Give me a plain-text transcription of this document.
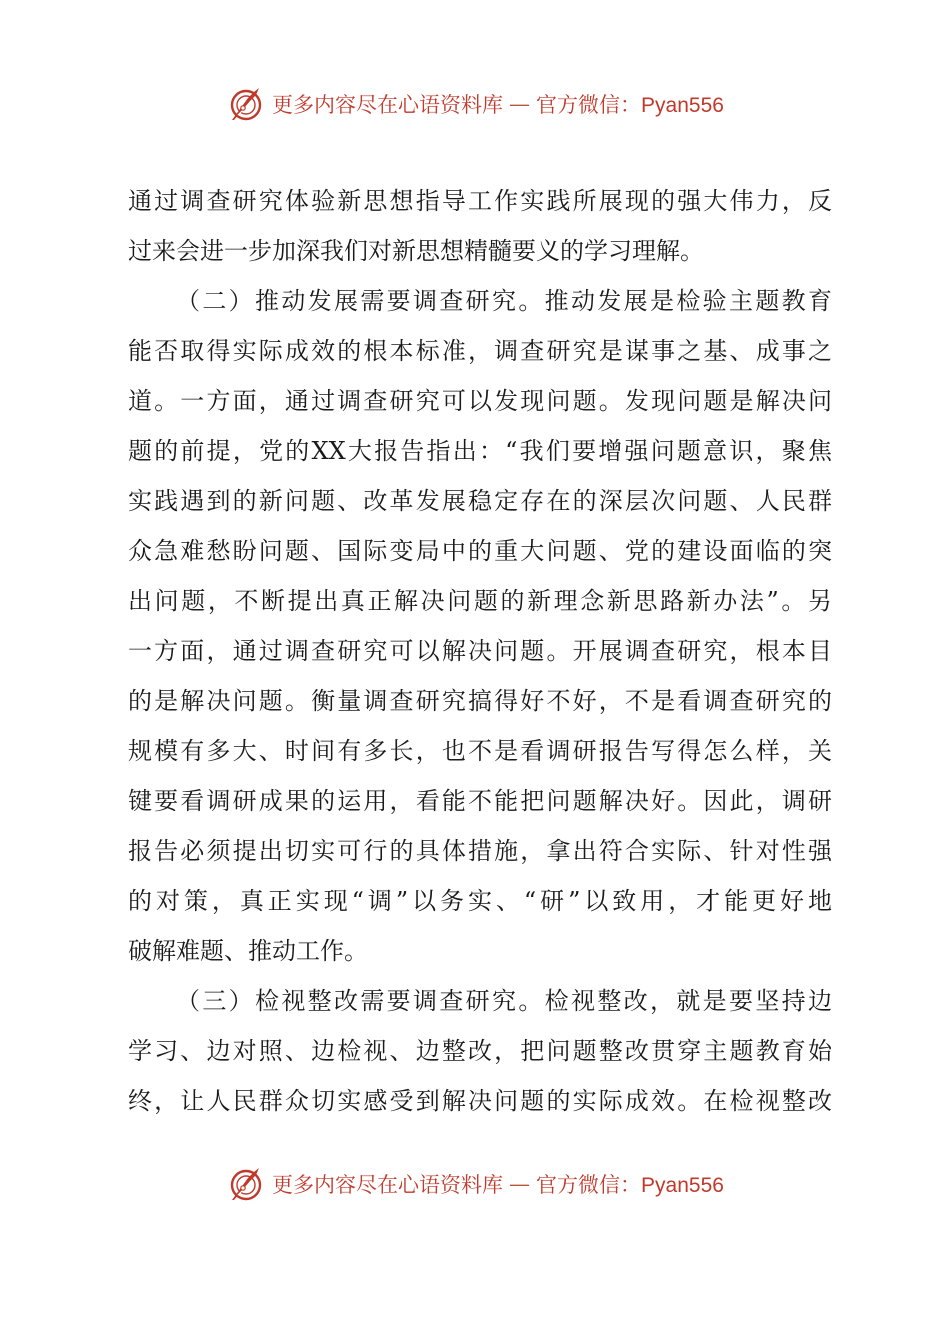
更多内容尽在心语资料库 — 官方微信：Pyan556
通过调查研究体验新思想指导工作实践所展现的强大伟力，反
过来会进一步加深我们对新思想精髓要义的学习理解。
（二）推动发展需要调查研究。推动发展是检验主题教育
能否取得实际成效的根本标准，调查研究是谋事之基、成事之
道。一方面，通过调查研究可以发现问题。发现问题是解决问
题的前提，党的XX大报告指出：“我们要增强问题意识，聚焦
实践遇到的新问题、改革发展稳定存在的深层次问题、人民群
众急难愁盼问题、国际变局中的重大问题、党的建设面临的突
出问题，不断提出真正解决问题的新理念新思路新办法”。另
一方面，通过调查研究可以解决问题。开展调查研究，根本目
的是解决问题。衡量调查研究搞得好不好，不是看调查研究的
规模有多大、时间有多长，也不是看调研报告写得怎么样，关
键要看调研成果的运用，看能不能把问题解决好。因此，调研
报告必须提出切实可行的具体措施，拿出符合实际、针对性强
的对策，真正实现“调”以务实、“研”以致用，才能更好地
破解难题、推动工作。
（三）检视整改需要调查研究。检视整改，就是要坚持边
学习、边对照、边检视、边整改，把问题整改贯穿主题教育始
终，让人民群众切实感受到解决问题的实际成效。在检视整改
更多内容尽在心语资料库 — 官方微信：Pyan556
